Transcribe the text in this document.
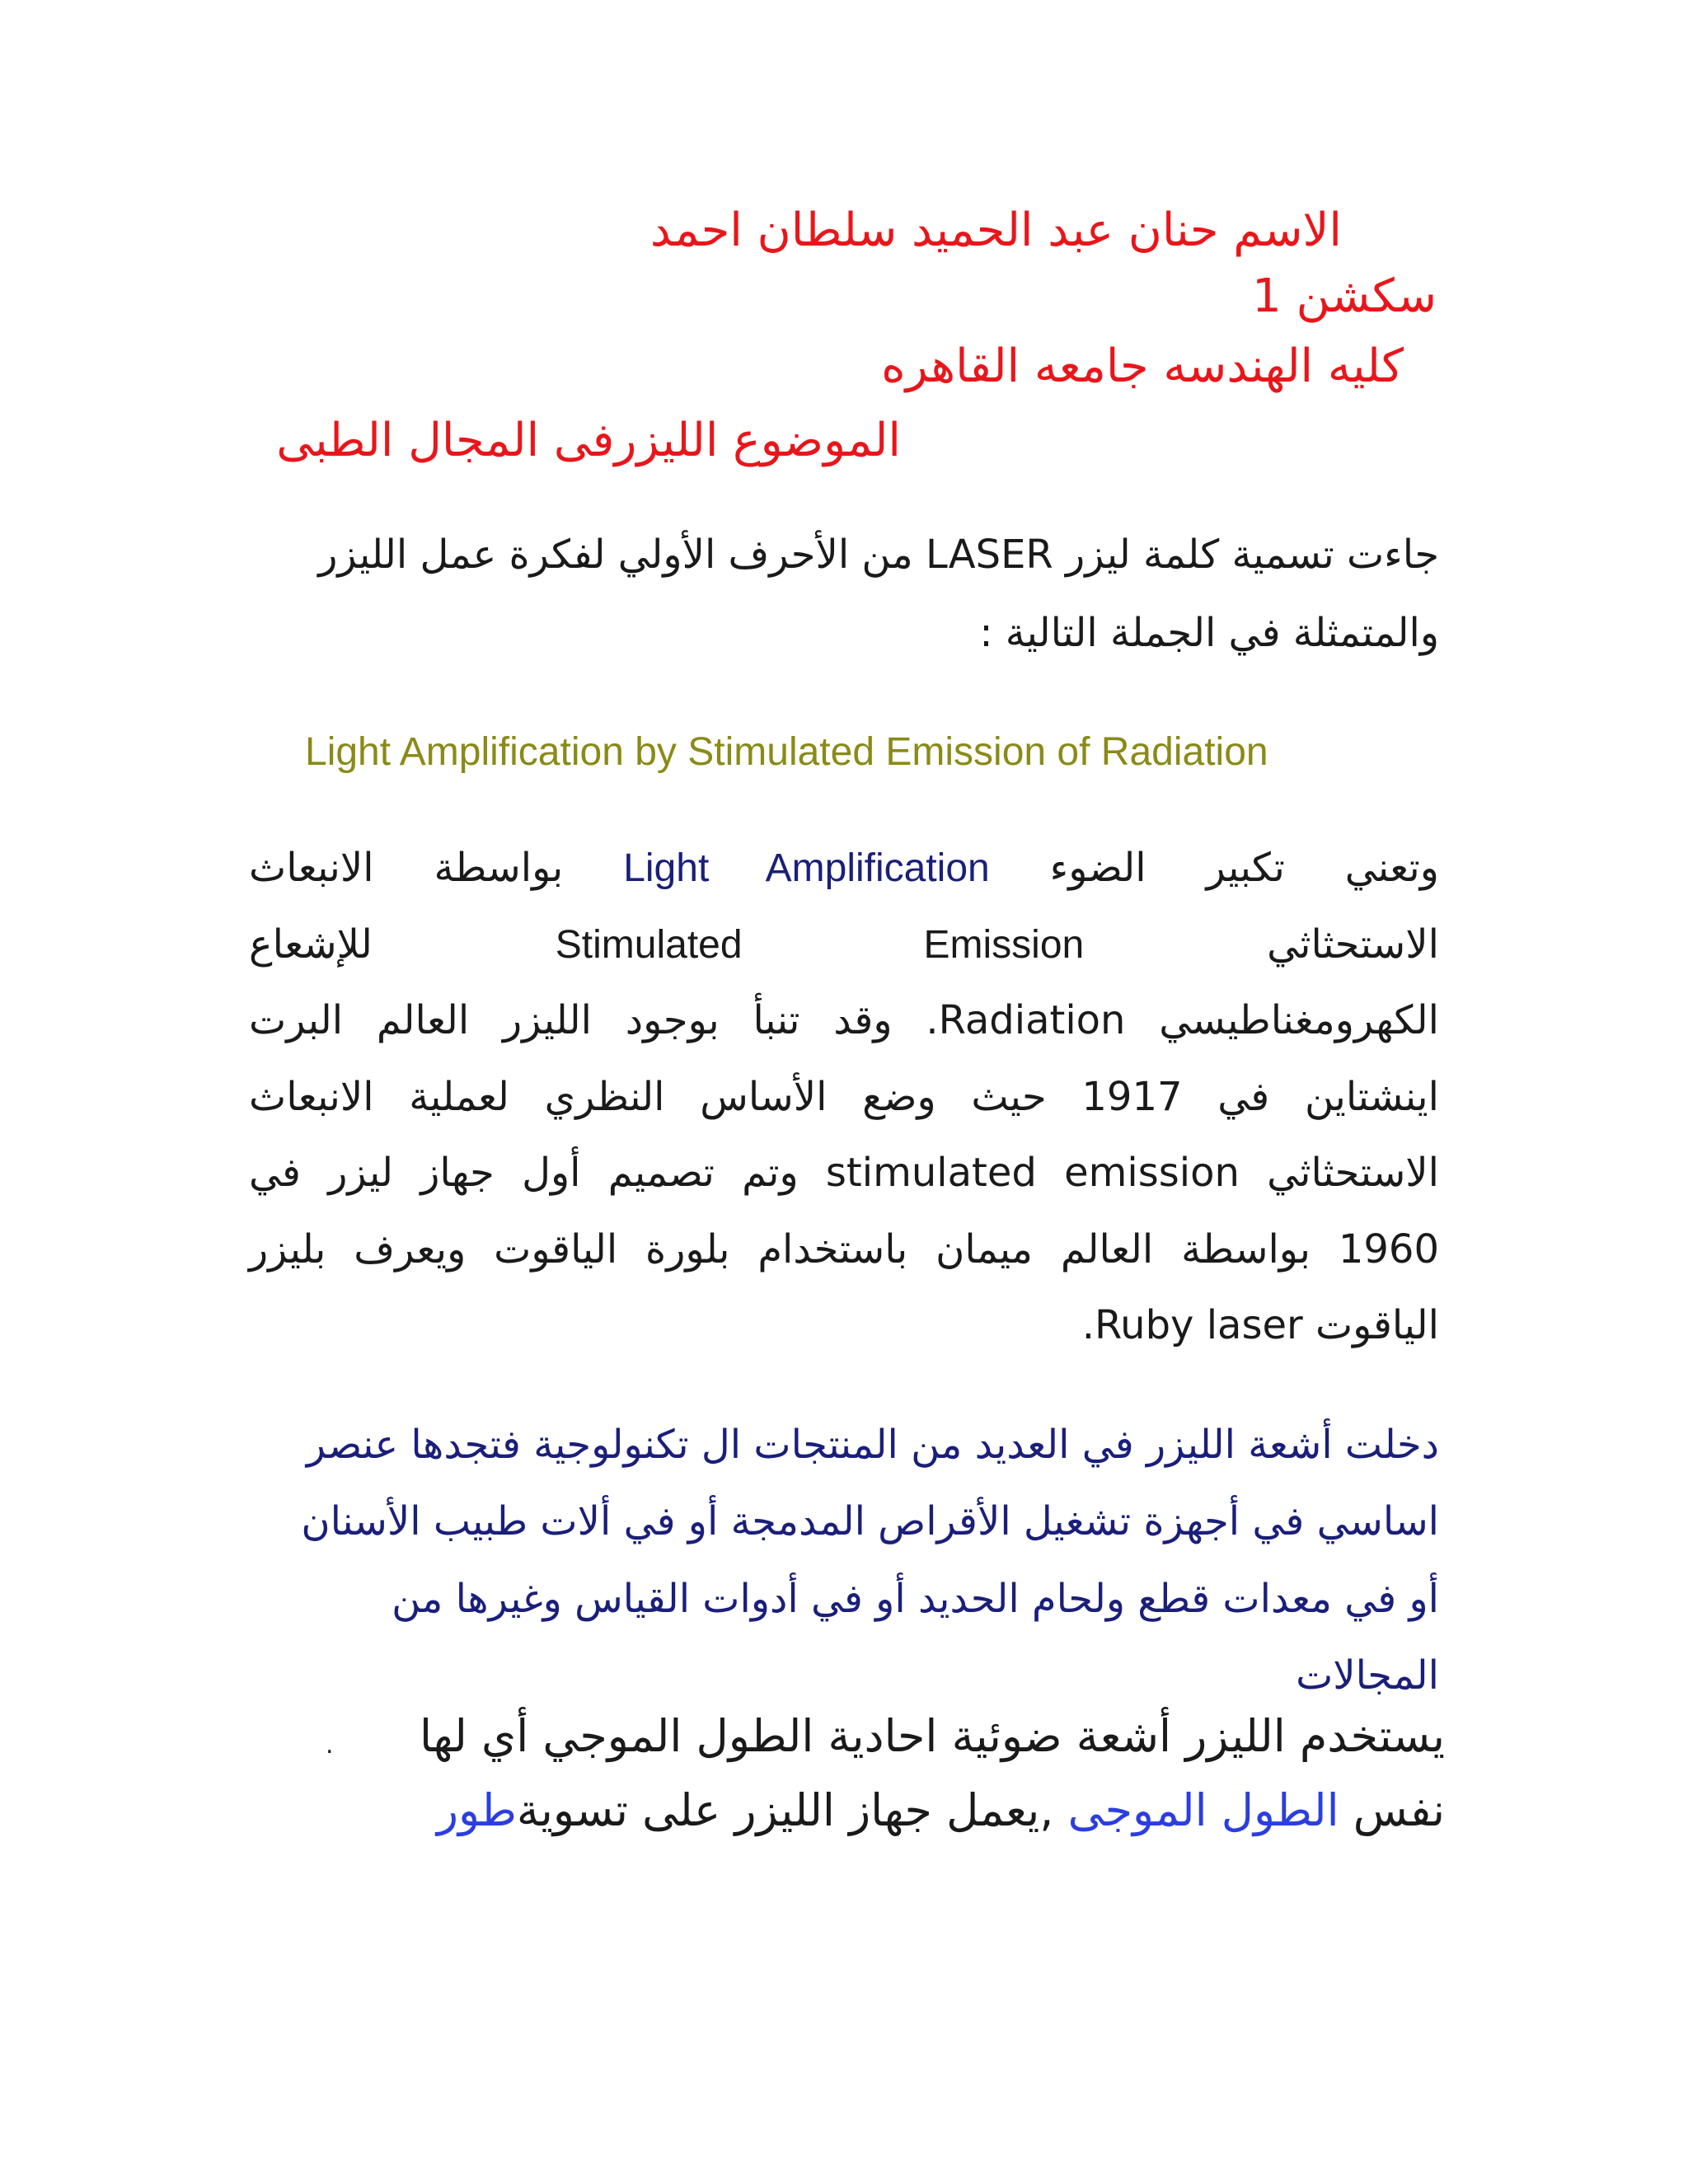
الاسم حنان عبد الحميد سلطان احمد

سكشن 1

كليه الهندسه جامعه القاهره

الموضوع الليزرفى المجال الطبى

جاءت تسمية كلمة ليزر LASER من الأحرف الأولي لفكرة عمل الليزر

والمتمثلة في الجملة التالية :

Light Amplification by Stimulated Emission of Radiation

وتعني تكبير الضوء Light Amplification بواسطة الانبعاث
الاستحثاثي Stimulated Emission للإشعاع
الكهرومغناطيسي Radiation. وقد تنبأ بوجود الليزر العالم البرت
اينشتاين في 1917 حيث وضع الأساس النظري لعملية الانبعاث
الاستحثاثي stimulated emission وتم تصميم أول جهاز ليزر في
1960 بواسطة العالم ميمان باستخدام بلورة الياقوت ويعرف بليزر

الياقوت Ruby laser.

دخلت أشعة الليزر في العديد من المنتجات ال تكنولوجية فتجدها عنصر

اساسي في أجهزة تشغيل الأقراص المدمجة أو في ألات طبيب الأسنان

أو في معدات قطع ولحام الحديد أو في أدوات القياس وغيرها من

المجالات

يستخدم الليزر أشعة ضوئية احادية الطول الموجي أي لها

.

نفس الطول الموجى ,يعمل جهاز الليزر على تسويةطور
